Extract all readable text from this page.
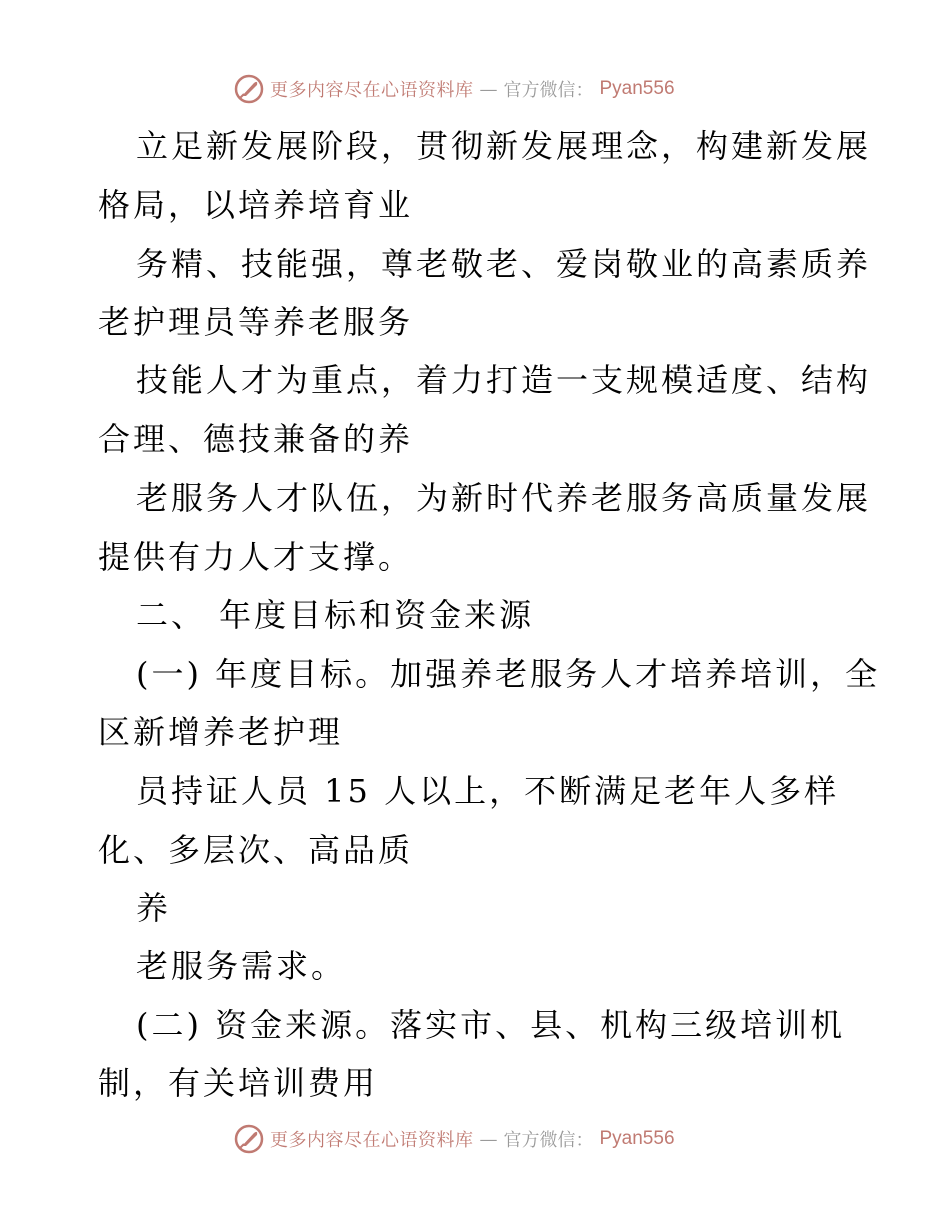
更多内容尽在心语资料库 — 官方微信： Pyan556
立足新发展阶段，贯彻新发展理念，构建新发展
格局，以培养培育业
务精、技能强，尊老敬老、爱岗敬业的高素质养
老护理员等养老服务
技能人才为重点，着力打造一支规模适度、结构
合理、德技兼备的养
老服务人才队伍，为新时代养老服务高质量发展
提供有力人才支撑。
二、 年度目标和资金来源
(一) 年度目标。加强养老服务人才培养培训，全
区新增养老护理
员持证人员 15 人以上，不断满足老年人多样
化、多层次、高品质
养
老服务需求。
(二) 资金来源。落实市、县、机构三级培训机
制，有关培训费用
更多内容尽在心语资料库 — 官方微信： Pyan556
